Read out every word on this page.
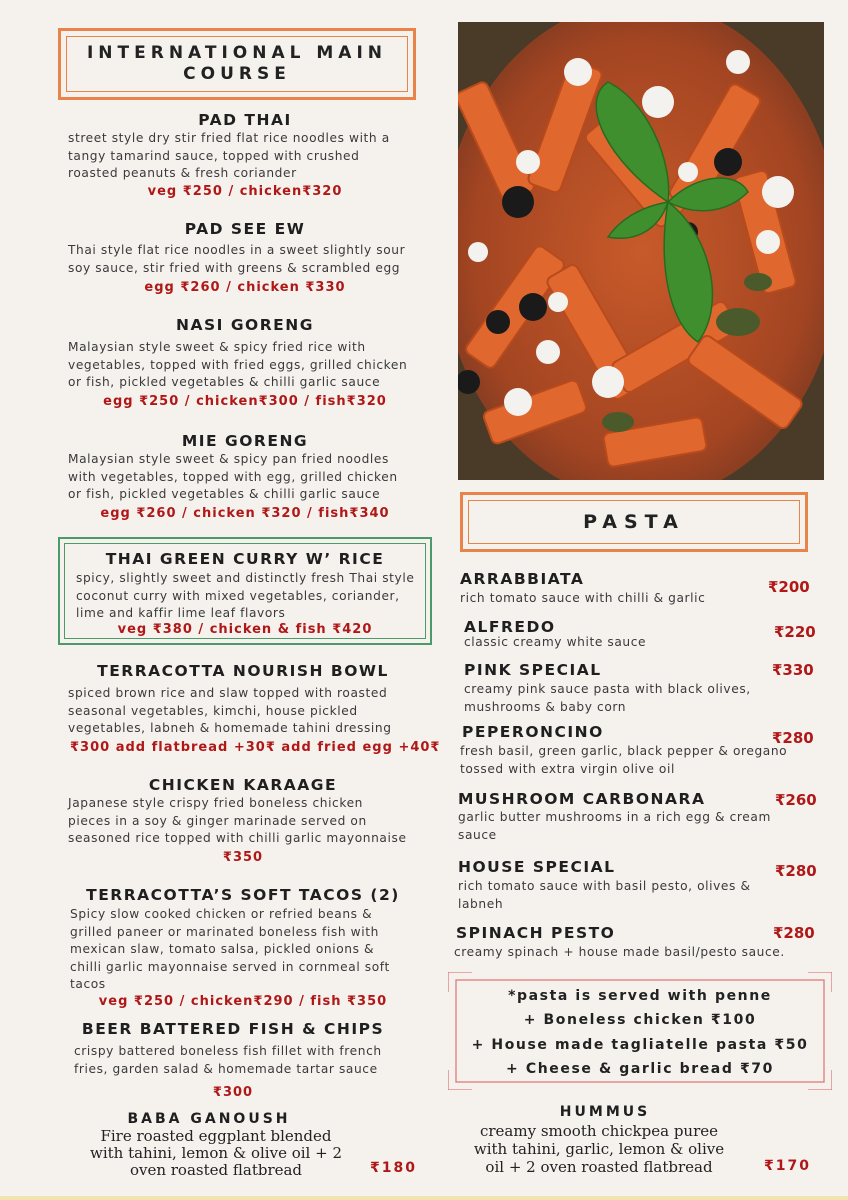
INTERNATIONAL MAIN
COURSE
PAD THAI
street style dry stir fried flat rice noodles with a
tangy tamarind sauce, topped with crushed
roasted peanuts & fresh coriander
veg ₹250 / chicken₹320
PAD SEE EW
Thai style flat rice noodles in a sweet slightly sour
soy sauce, stir fried with greens & scrambled egg
egg ₹260 / chicken ₹330
NASI GORENG
Malaysian style sweet & spicy fried rice with
vegetables, topped with fried eggs, grilled chicken
or fish, pickled vegetables & chilli garlic sauce
egg ₹250 / chicken₹300 / fish₹320
MIE GORENG
Malaysian style sweet & spicy pan fried noodles
with vegetables, topped with egg, grilled chicken
or fish, pickled vegetables & chilli garlic sauce
egg ₹260 / chicken ₹320 / fish₹340
THAI GREEN CURRY W’ RICE
spicy, slightly sweet and distinctly fresh Thai style
coconut curry with mixed vegetables, coriander,
lime and kaffir lime leaf flavors
veg ₹380 / chicken & fish ₹420
TERRACOTTA NOURISH BOWL
spiced brown rice and slaw topped with roasted
seasonal vegetables, kimchi, house pickled
vegetables, labneh & homemade tahini dressing
₹300 add flatbread +30₹ add fried egg +40₹
CHICKEN KARAAGE
Japanese style crispy fried boneless chicken
pieces in a soy & ginger marinade served on
seasoned rice topped with chilli garlic mayonnaise
₹350
TERRACOTTA’S SOFT TACOS (2)
Spicy slow cooked chicken or refried beans &
grilled paneer or marinated boneless fish with
mexican slaw, tomato salsa, pickled onions &
chilli garlic mayonnaise served in cornmeal soft
tacos
veg ₹250 / chicken₹290 / fish ₹350
BEER BATTERED FISH & CHIPS
crispy battered boneless fish fillet with french
fries, garden salad & homemade tartar sauce
₹300
BABA GANOUSH
Fire roasted eggplant blended
with tahini, lemon & olive oil + 2
oven roasted flatbread	₹180
PASTA
ARRABBIATA
rich tomato sauce with chilli & garlic
₹200
ALFREDO
classic creamy white sauce
₹220
PINK SPECIAL
creamy pink sauce pasta with black olives,
mushrooms & baby corn
₹330
PEPERONCINO
fresh basil, green garlic, black pepper & oregano
tossed with extra virgin olive oil
₹280
MUSHROOM CARBONARA
garlic butter mushrooms in a rich egg & cream
sauce
₹260
HOUSE SPECIAL
rich tomato sauce with basil pesto, olives &
labneh
₹280
SPINACH PESTO
creamy spinach + house made basil/pesto sauce.
₹280
*pasta is served with penne
+ Boneless chicken ₹100
+ House made tagliatelle pasta ₹50
+ Cheese & garlic bread ₹70
HUMMUS
creamy smooth chickpea puree
with tahini, garlic, lemon & olive
oil + 2 oven roasted flatbread	₹170
